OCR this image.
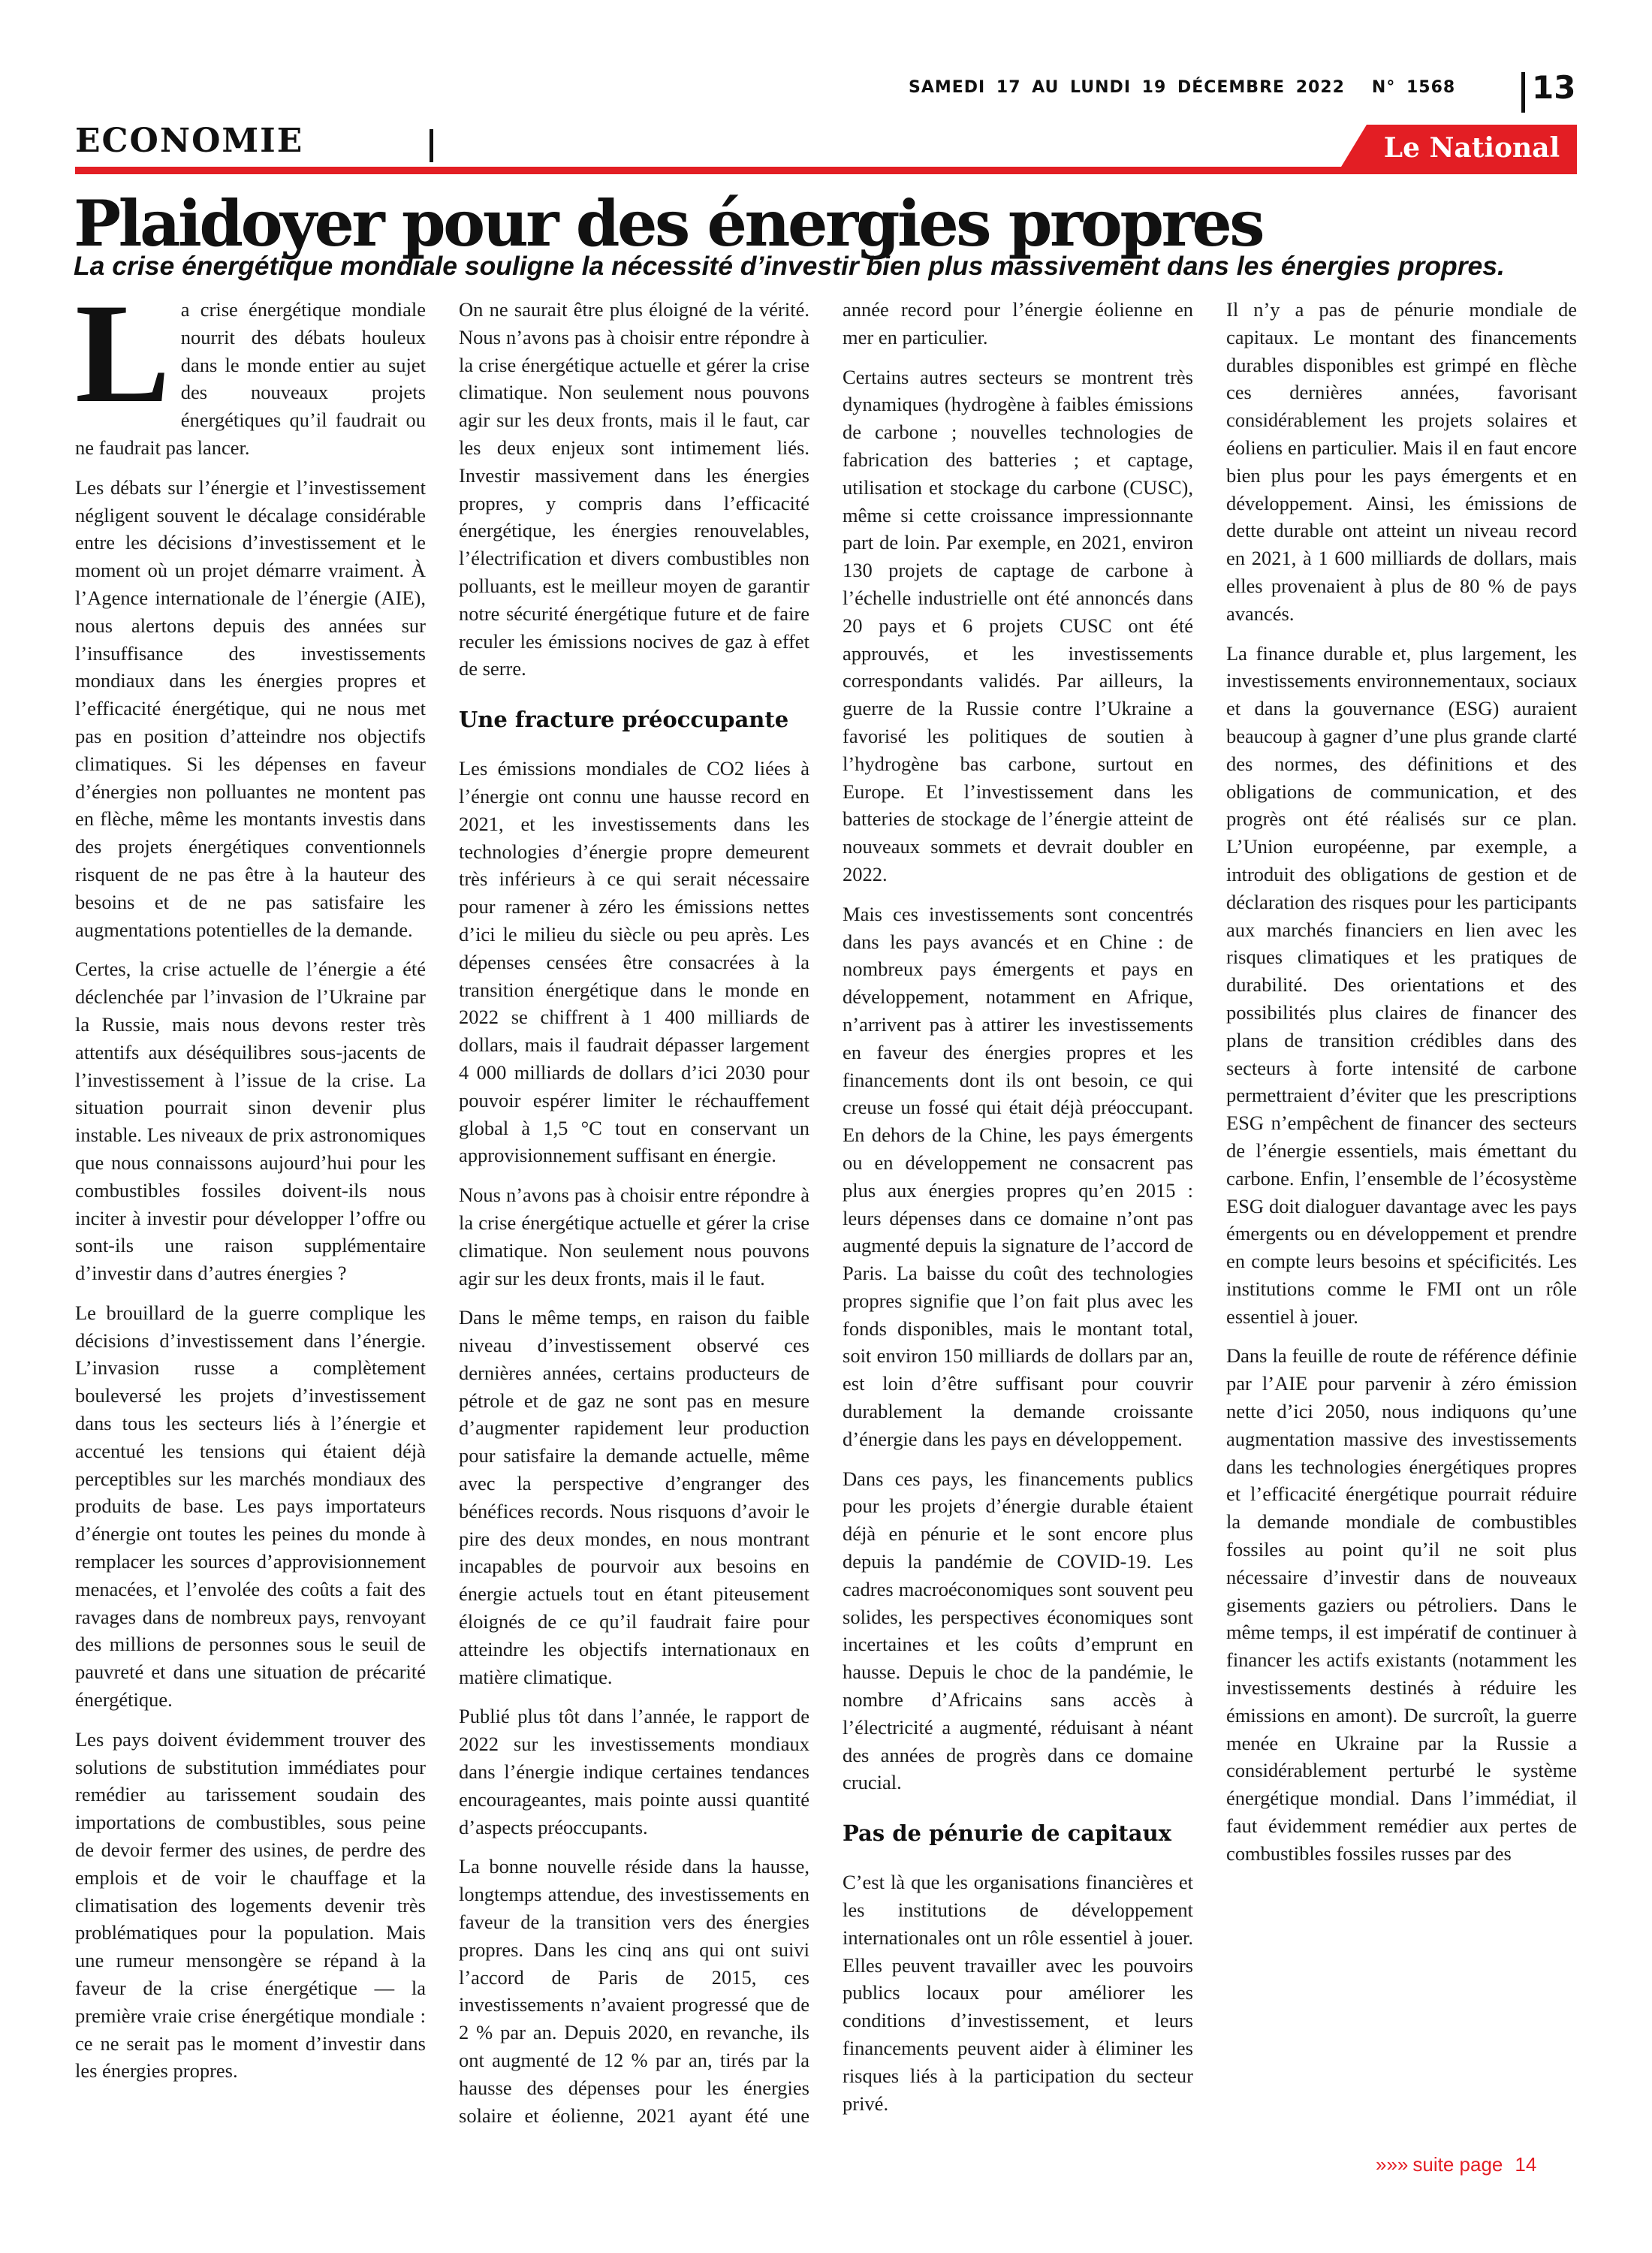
SAMEDI 17 AU LUNDI 19 DÉCEMBRE 2022 N° 1568 13
ECONOMIE	Le National
Plaidoyer pour des énergies propres

La crise énergétique mondiale souligne la nécessité d’investir bien plus massivement dans les énergies propres.

La crise énergétique mondiale nourrit des débats houleux dans le monde entier au sujet des nouveaux projets énergétiques qu’il faudrait ou ne faudrait pas lancer.

Les débats sur l’énergie et l’investissement négligent souvent le décalage considérable entre les décisions d’investissement et le moment où un projet démarre vraiment. À l’Agence internationale de l’énergie (AIE), nous alertons depuis des années sur l’insuffisance des investissements mondiaux dans les énergies propres et l’efficacité énergétique, qui ne nous met pas en position d’atteindre nos objectifs climatiques. Si les dépenses en faveur d’énergies non polluantes ne montent pas en flèche, même les montants investis dans des projets énergétiques conventionnels risquent de ne pas être à la hauteur des besoins et de ne pas satisfaire les augmentations potentielles de la demande.

Certes, la crise actuelle de l’énergie a été déclenchée par l’invasion de l’Ukraine par la Russie, mais nous devons rester très attentifs aux déséquilibres sous-jacents de l’investissement à l’issue de la crise. La situation pourrait sinon devenir plus instable. Les niveaux de prix astronomiques que nous connaissons aujourd’hui pour les combustibles fossiles doivent-ils nous inciter à investir pour développer l’offre ou sont-ils une raison supplémentaire d’investir dans d’autres énergies ?

Le brouillard de la guerre complique les décisions d’investissement dans l’énergie. L’invasion russe a complètement bouleversé les projets d’investissement dans tous les secteurs liés à l’énergie et accentué les tensions qui étaient déjà perceptibles sur les marchés mondiaux des produits de base. Les pays importateurs d’énergie ont toutes les peines du monde à remplacer les sources d’approvisionnement menacées, et l’envolée des coûts a fait des ravages dans de nombreux pays, renvoyant des millions de personnes sous le seuil de pauvreté et dans une situation de précarité énergétique.

Les pays doivent évidemment trouver des solutions de substitution immédiates pour remédier au tarissement soudain des importations de combustibles, sous peine de devoir fermer des usines, de perdre des emplois et de voir le chauffage et la climatisation des logements devenir très problématiques pour la population. Mais une rumeur mensongère se répand à la faveur de la crise énergétique — la première vraie crise énergétique mondiale : ce ne serait pas le moment d’investir dans les énergies propres.

On ne saurait être plus éloigné de la vérité. Nous n’avons pas à choisir entre répondre à la crise énergétique actuelle et gérer la crise climatique. Non seulement nous pouvons agir sur les deux fronts, mais il le faut, car les deux enjeux sont intimement liés. Investir massivement dans les énergies propres, y compris dans l’efficacité énergétique, les énergies renouvelables, l’électrification et divers combustibles non polluants, est le meilleur moyen de garantir notre sécurité énergétique future et de faire reculer les émissions nocives de gaz à effet de serre.

Une fracture préoccupante

Les émissions mondiales de CO2 liées à l’énergie ont connu une hausse record en 2021, et les investissements dans les technologies d’énergie propre demeurent très inférieurs à ce qui serait nécessaire pour ramener à zéro les émissions nettes d’ici le milieu du siècle ou peu après. Les dépenses censées être consacrées à la transition énergétique dans le monde en 2022 se chiffrent à 1 400 milliards de dollars, mais il faudrait dépasser largement 4 000 milliards de dollars d’ici 2030 pour pouvoir espérer limiter le réchauffement global à 1,5 °C tout en conservant un approvisionnement suffisant en énergie.

Nous n’avons pas à choisir entre répondre à la crise énergétique actuelle et gérer la crise climatique. Non seulement nous pouvons agir sur les deux fronts, mais il le faut.

Dans le même temps, en raison du faible niveau d’investissement observé ces dernières années, certains producteurs de pétrole et de gaz ne sont pas en mesure d’augmenter rapidement leur production pour satisfaire la demande actuelle, même avec la perspective d’engranger des bénéfices records. Nous risquons d’avoir le pire des deux mondes, en nous montrant incapables de pourvoir aux besoins en énergie actuels tout en étant piteusement éloignés de ce qu’il faudrait faire pour atteindre les objectifs internationaux en matière climatique.

Publié plus tôt dans l’année, le rapport de 2022 sur les investissements mondiaux dans l’énergie indique certaines tendances encourageantes, mais pointe aussi quantité d’aspects préoccupants.

La bonne nouvelle réside dans la hausse, longtemps attendue, des investissements en faveur de la transition vers des énergies propres. Dans les cinq ans qui ont suivi l’accord de Paris de 2015, ces investissements n’avaient progressé que de 2 % par an. Depuis 2020, en revanche, ils ont augmenté de 12 % par an, tirés par la hausse des dépenses pour les énergies solaire et éolienne, 2021 ayant été une année record pour l’énergie éolienne en mer en particulier.

Certains autres secteurs se montrent très dynamiques (hydrogène à faibles émissions de carbone ; nouvelles technologies de fabrication des batteries ; et captage, utilisation et stockage du carbone (CUSC), même si cette croissance impressionnante part de loin. Par exemple, en 2021, environ 130 projets de captage de carbone à l’échelle industrielle ont été annoncés dans 20 pays et 6 projets CUSC ont été approuvés, et les investissements correspondants validés. Par ailleurs, la guerre de la Russie contre l’Ukraine a favorisé les politiques de soutien à l’hydrogène bas carbone, surtout en Europe. Et l’investissement dans les batteries de stockage de l’énergie atteint de nouveaux sommets et devrait doubler en 2022.

Mais ces investissements sont concentrés dans les pays avancés et en Chine : de nombreux pays émergents et pays en développement, notamment en Afrique, n’arrivent pas à attirer les investissements en faveur des énergies propres et les financements dont ils ont besoin, ce qui creuse un fossé qui était déjà préoccupant. En dehors de la Chine, les pays émergents ou en développement ne consacrent pas plus aux énergies propres qu’en 2015 : leurs dépenses dans ce domaine n’ont pas augmenté depuis la signature de l’accord de Paris. La baisse du coût des technologies propres signifie que l’on fait plus avec les fonds disponibles, mais le montant total, soit environ 150 milliards de dollars par an, est loin d’être suffisant pour couvrir durablement la demande croissante d’énergie dans les pays en développement.

Dans ces pays, les financements publics pour les projets d’énergie durable étaient déjà en pénurie et le sont encore plus depuis la pandémie de COVID-19. Les cadres macroéconomiques sont souvent peu solides, les perspectives économiques sont incertaines et les coûts d’emprunt en hausse. Depuis le choc de la pandémie, le nombre d’Africains sans accès à l’électricité a augmenté, réduisant à néant des années de progrès dans ce domaine crucial.

Pas de pénurie de capitaux

C’est là que les organisations financières et les institutions de développement internationales ont un rôle essentiel à jouer. Elles peuvent travailler avec les pouvoirs publics locaux pour améliorer les conditions d’investissement, et leurs financements peuvent aider à éliminer les risques liés à la participation du secteur privé.

Il n’y a pas de pénurie mondiale de capitaux. Le montant des financements durables disponibles est grimpé en flèche ces dernières années, favorisant considérablement les projets solaires et éoliens en particulier. Mais il en faut encore bien plus pour les pays émergents et en développement. Ainsi, les émissions de dette durable ont atteint un niveau record en 2021, à 1 600 milliards de dollars, mais elles provenaient à plus de 80 % de pays avancés.

La finance durable et, plus largement, les investissements environnementaux, sociaux et dans la gouvernance (ESG) auraient beaucoup à gagner d’une plus grande clarté des normes, des définitions et des obligations de communication, et des progrès ont été réalisés sur ce plan. L’Union européenne, par exemple, a introduit des obligations de gestion et de déclaration des risques pour les participants aux marchés financiers en lien avec les risques climatiques et les pratiques de durabilité. Des orientations et des possibilités plus claires de financer des plans de transition crédibles dans des secteurs à forte intensité de carbone permettraient d’éviter que les prescriptions ESG n’empêchent de financer des secteurs de l’énergie essentiels, mais émettant du carbone. Enfin, l’ensemble de l’écosystème ESG doit dialoguer davantage avec les pays émergents ou en développement et prendre en compte leurs besoins et spécificités. Les institutions comme le FMI ont un rôle essentiel à jouer.

Dans la feuille de route de référence définie par l’AIE pour parvenir à zéro émission nette d’ici 2050, nous indiquons qu’une augmentation massive des investissements dans les technologies énergétiques propres et l’efficacité énergétique pourrait réduire la demande mondiale de combustibles fossiles au point qu’il ne soit plus nécessaire d’investir dans de nouveaux gisements gaziers ou pétroliers. Dans le même temps, il est impératif de continuer à financer les actifs existants (notamment les investissements destinés à réduire les émissions en amont). De surcroît, la guerre menée en Ukraine par la Russie a considérablement perturbé le système énergétique mondial. Dans l’immédiat, il faut évidemment remédier aux pertes de combustibles fossiles russes par des

»»» suite page 14
